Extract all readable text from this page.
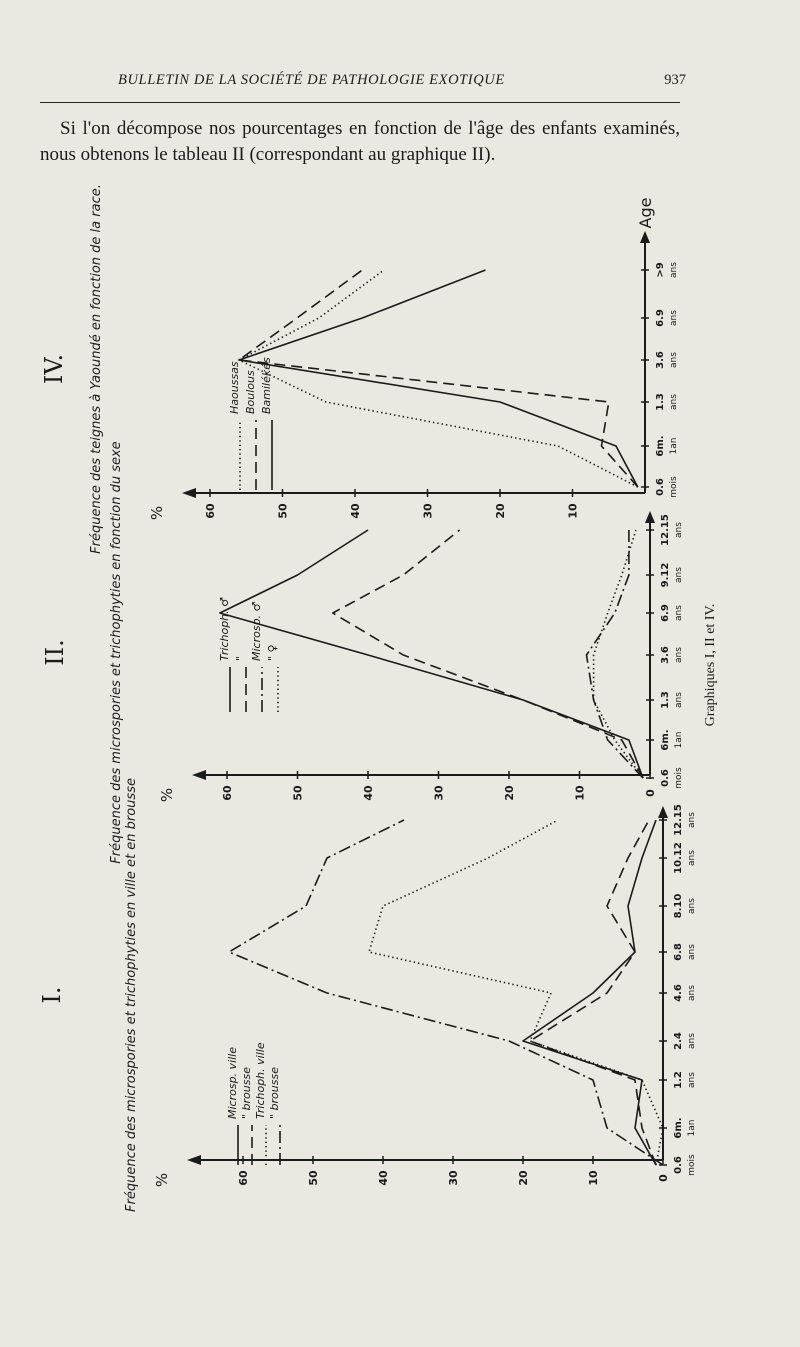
BULLETIN DE LA SOCIÉTÉ DE PATHOLOGIE EXOTIQUE	937
Si l'on décompose nos pourcentages en fonction de l'âge des enfants examinés, nous obtenons le tableau II (correspondant au graphique II).
0
10
20
30
40
50
60
%
0.6 mois
6m. 1an
1.2 ans
2.4 ans
4.6 ans
6.8 ans
8.10 ans
10.12 ans
12.15 ans
Microsp. ville " brousse Trichoph. ville " brousse
Fréquence des microspories et trichophyties en ville et en brousse
I.
0
10
20
30
40
50
60
%
0.6 mois
6m. 1an
1.3 ans
3.6 ans
6.9 ans
9.12 ans
12.15 ans
Trichoph. ♂ " Microsp. ♂ " ♀
Fréquence des microspories et trichophyties en fonction du sexe
II.
10
20
30
40
50
60
%
0.6 mois
6m. 1an
1.3 ans
3.6 ans
6.9 ans
>9 ans
Age
Haoussas Boulous Bamilékés
Fréquence des teignes à Yaoundé en fonction de la race.
IV.
Graphiques I, II et IV.
